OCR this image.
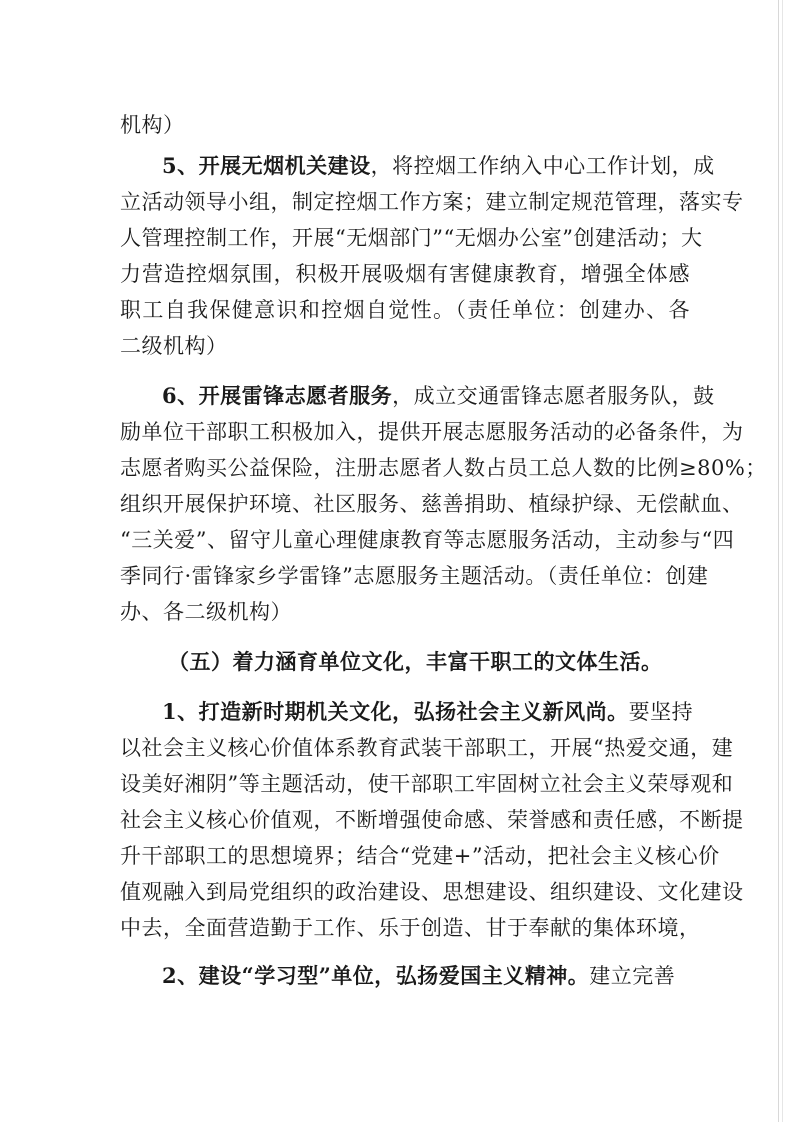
机构）
5、开展无烟机关建设，将控烟工作纳入中心工作计划，成
立活动领导小组，制定控烟工作方案；建立制定规范管理，落实专
人管理控制工作，开展“无烟部门”“无烟办公室”创建活动；大
力营造控烟氛围，积极开展吸烟有害健康教育，增强全体感
职工自我保健意识和控烟自觉性。（责任单位：创建办、各
二级机构）
6、开展雷锋志愿者服务，成立交通雷锋志愿者服务队，鼓
励单位干部职工积极加入，提供开展志愿服务活动的必备条件，为
志愿者购买公益保险，注册志愿者人数占员工总人数的比例≥80%；
组织开展保护环境、社区服务、慈善捐助、植绿护绿、无偿献血、
“三关爱”、留守儿童心理健康教育等志愿服务活动，主动参与“四
季同行·雷锋家乡学雷锋”志愿服务主题活动。（责任单位：创建
办、各二级机构）
（五）着力涵育单位文化，丰富干职工的文体生活。
1、打造新时期机关文化，弘扬社会主义新风尚。要坚持
以社会主义核心价值体系教育武装干部职工，开展“热爱交通，建
设美好湘阴”等主题活动，使干部职工牢固树立社会主义荣辱观和
社会主义核心价值观，不断增强使命感、荣誉感和责任感，不断提
升干部职工的思想境界；结合“党建+”活动，把社会主义核心价
值观融入到局党组织的政治建设、思想建设、组织建设、文化建设
中去，全面营造勤于工作、乐于创造、甘于奉献的集体环境，
2、建设“学习型”单位，弘扬爱国主义精神。建立完善
